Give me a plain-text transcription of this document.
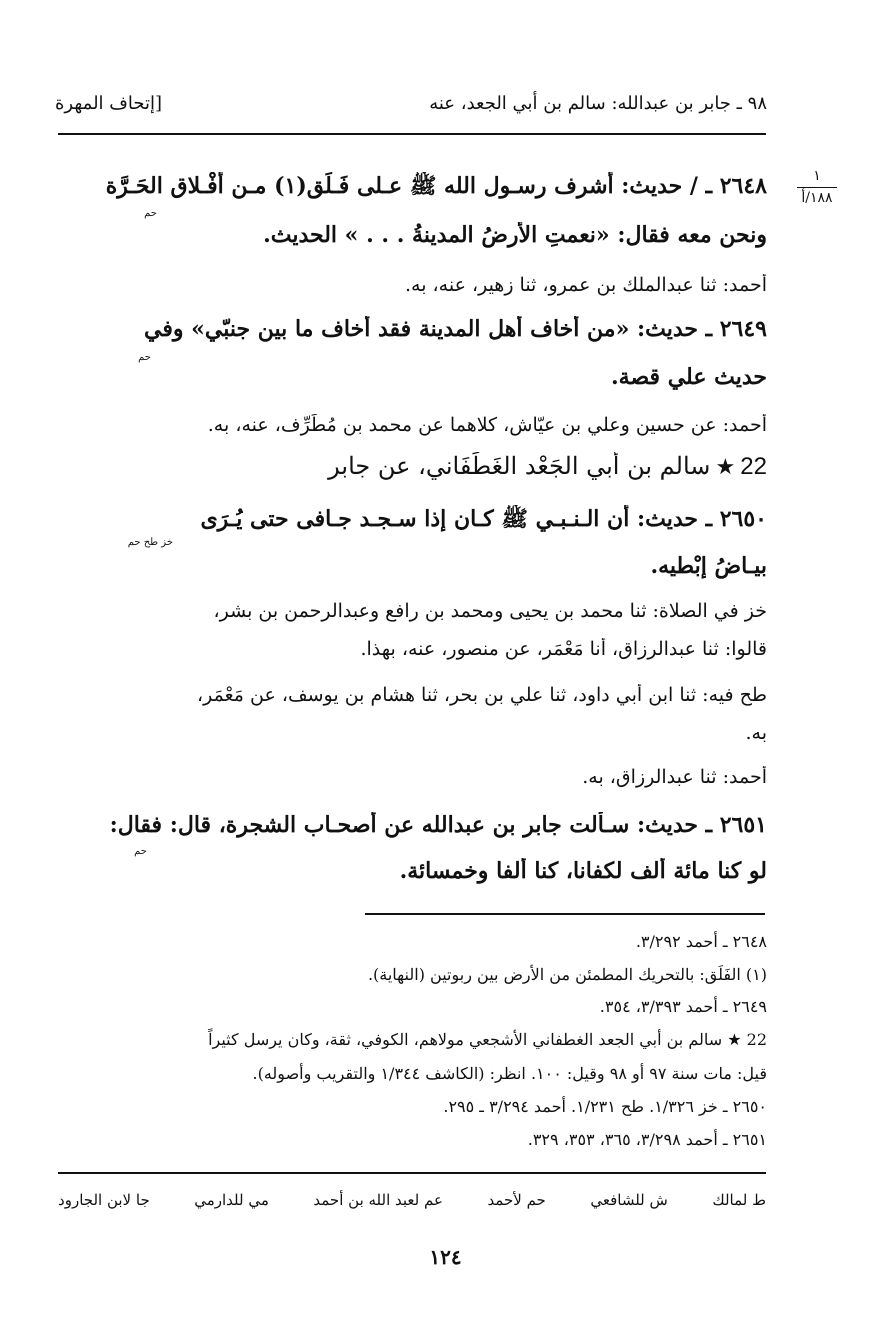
٩٨ ـ جابر بن عبدالله: سالم بن أبي الجعد، عنه
[إتحاف المهرة
١
١٨٨/أ
٢٦٤٨ ـ / حديث: أشرف رسـول الله ﷺ عـلى فَـلَق(١) مـن أفْـلاق الحَـرَّة
حم
ونحن معه فقال: «نعمتِ الأرضُ المدينةُ . . . » الحديث.
أحمد: ثنا عبدالملك بن عمرو، ثنا زهير، عنه، به.
٢٦٤٩ ـ حديث: «من أخاف أهل المدينة فقد أخاف ما بين جنبّي» وفي
حم
حديث علي قصة.
أحمد: عن حسين وعلي بن عيّاش، كلاهما عن محمد بن مُطَرِّف، عنه، به.
22 ★ سالم بن أبي الجَعْد الغَطَفَاني، عن جابر
٢٦٥٠ ـ حديث: أن الـنـبـي ﷺ كـان إذا سـجـد جـافى حتى يُـرَى
خز طح حم
بيـاضُ إبْطيه.
خز في الصلاة: ثنا محمد بن يحيى ومحمد بن رافع وعبدالرحمن بن بشر،
قالوا: ثنا عبدالرزاق، أنا مَعْمَر، عن منصور، عنه، بهذا.
طح فيه: ثنا ابن أبي داود، ثنا علي بن بحر، ثنا هشام بن يوسف، عن مَعْمَر،
به.
أحمد: ثنا عبدالرزاق، به.
٢٦٥١ ـ حديث: سـألت جابر بن عبدالله عن أصحـاب الشجرة، قال: فقال:
حم
لو كنا مائة ألف لكفانا، كنا ألفا وخمسائة.
٢٦٤٨ ـ أحمد ٣/٢٩٢.
(١) الفَلَق: بالتحريك المطمئن من الأرض بين ربوتين (النهاية).
٢٦٤٩ ـ أحمد ٣/٣٩٣، ٣٥٤.
22 ★ سالم بن أبي الجعد الغطفاني الأشجعي مولاهم، الكوفي، ثقة، وكان يرسل كثيراً
قيل: مات سنة ٩٧ أو ٩٨ وقيل: ١٠٠. انظر: (الكاشف ١/٣٤٤ والتقريب وأصوله).
٢٦٥٠ ـ خز ١/٣٢٦. طح ١/٢٣١. أحمد ٣/٢٩٤ ـ ٢٩٥.
٢٦٥١ ـ أحمد ٣/٢٩٨، ٣٦٥، ٣٥٣، ٣٢٩.
ط لمالك
ش للشافعي
حم لأحمد
عم لعبد الله بن أحمد
مي للدارمي
جا لابن الجارود
١٢٤
